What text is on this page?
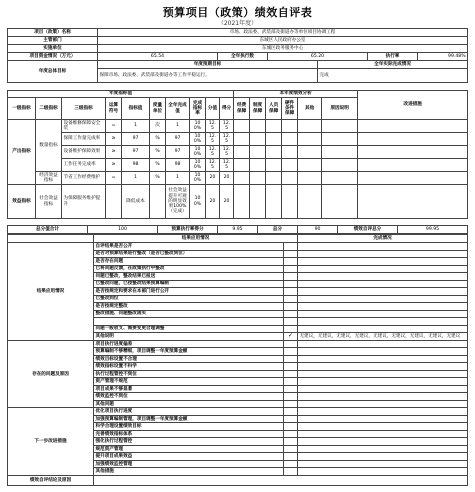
预算项目（政策）绩效自评表
（2021年度）
项目（政策）名称	市场、政法委、武装部及街道办等单位项目协调工程					
主管部门	东城区人民政府办公室					
实施单位	东城区政务服务中心					
项目资金情况（万元）	65.54	全年执行数	65.20		执行率	99.48%
年度总体目标	年度预期目标			全年实际完成情况		
	保障市场、政法委、武装部及街道办等工作平稳运行。			完成		
年度指标值										本年度绩效分析						改进措施
一级指标	二级指标	三级指标	运算符号	指标值	度量单位	全年完成值	完成指标率	分值	得分	经费保障	制度保障	人员保障	硬件条件保障	其他	原因说明	
产出指标	数量指标	设备维修保障安全装	=	1	次	1	100%	12.5	12.5							
		保障工作量完成率	≥	97	%	97	100%	12.5	12.5							
		设备维护保障效果	≥	97	%	97	100%	12.5	12.5							
		工作任务完成率	≥	98	%	98	100%	12.5	12.5							
	经济效益指标	节省工作经费维护	=	1	%	1	100%	20	20							
效益指标	社会效益指标	为保障服务维护提升		降低成本		社会效益提升可观的明显效果100%（完成）	100%	20	20							
总分值合计	100	预算执行率得分	9.95	总分	90	绩效自评总分	99.95
	结果应用情况		完成情况
结果应用情况	自评结果是否公开		
	是否对预算结果进行整改（是否已整改到位）		
	是否存在问题		
	已将问题反馈，在政策执行中整改		
	问题已整改，整改结果已报送		
	已整改问题，已按整改结果预算编制		
	是否按规定和要求在本部门进行公开		
	已整改到位		
	是否按规定整改		
	整改措施、问题整改落实		

	问题一般收支、需要变更合理调整		
	其他说明	✓	无建议，无建议，无建议，无建议，无建议，无建议，无建议，无建议，无建议
存在的问题及原因	项目执行进度偏差		
	预算编制不够精细，项目调整一年度预算金额		
	绩效目标设置不合理		
	绩效指标设置不科学		
	执行过程管控不到位		
	资产管理不规范		
	项目成果不够显著		
	绩效监控不到位		
	其他问题		
下一步改进措施	优化项目执行进度		
	加强预算编制管理，项目调整一年度预算金额		
	科学合理设置绩效目标		
	完善绩效指标体系		
	强化执行过程管控		
	规范资产管理		
	提升项目成果效益		
	加强绩效监控管理		
	其他措施		
绩效自评结论及原因			
